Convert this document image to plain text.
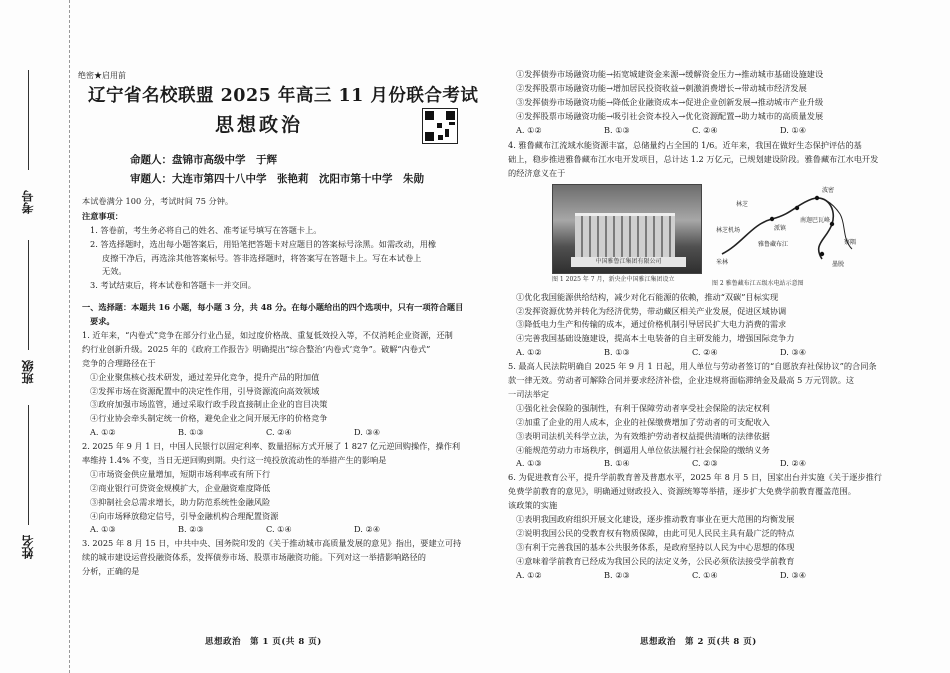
考号
班级
姓名
绝密★启用前
辽宁省名校联盟 2025 年高三 11 月份联合考试
思想政治
命题人：盘锦市高级中学　于辉
审题人：大连市第四十八中学　张艳莉　沈阳市第十中学　朱勋

本试卷满分 100 分，考试时间 75 分钟。

注意事项：

1. 答卷前，考生务必将自己的姓名、准考证号填写在答题卡上。

2. 答选择题时，选出每小题答案后，用铅笔把答题卡对应题目的答案标号涂黑。如需改动，用橡

皮擦干净后，再选涂其他答案标号。答非选择题时，将答案写在答题卡上。写在本试卷上

无效。

3. 考试结束后，将本试卷和答题卡一并交回。

一、选择题：本题共 16 小题，每小题 3 分，共 48 分。在每小题给出的四个选项中，只有一项符合题目

要求。

1. 近年来，“内卷式”竞争在部分行业凸显，如过度价格战、重复低效投入等，不仅消耗企业资源，还制

约行业创新升级。2025 年的《政府工作报告》明确提出“综合整治‘内卷式’竞争”。破解“内卷式”

竞争的合理路径在于

①企业聚焦核心技术研发，通过差异化竞争，提升产品的附加值

②发挥市场在资源配置中的决定性作用，引导资源流向高效领域

③政府加强市场监管，通过采取行政手段直接制止企业的盲目决策

④行业协会牵头制定统一价格，避免企业之间开展无序的价格竞争

A. ①②	B. ①③	C. ②④	D. ③④

2. 2025 年 9 月 1 日，中国人民银行以固定利率、数量招标方式开展了 1 827 亿元逆回购操作，操作利

率维持 1.4% 不变，当日无逆回购到期。央行这一纯投放流动性的举措产生的影响是

①市场资金供应量增加，短期市场利率或有所下行

②商业银行可贷资金规模扩大，企业融资难度降低

③抑制社会总需求增长，助力防范系统性金融风险

④向市场释放稳定信号，引导金融机构合理配置资源

A. ①③	B. ②③	C. ①④	D. ②④

3. 2025 年 8 月 15 日，中共中央、国务院印发的《关于推动城市高质量发展的意见》指出，要建立可持

续的城市建设运营投融资体系，发挥债券市场、股票市场融资功能。下列对这一举措影响路径的

分析，正确的是

①发挥债券市场融资功能→拓宽城建资金来源→缓解资金压力→推动城市基础设施建设

②发挥股票市场融资功能→增加居民投资收益→刺激消费增长→带动城市经济发展

③发挥债券市场融资功能→降低企业融资成本→促进企业创新发展→推动城市产业升级

④发挥股票市场融资功能→吸引社会资本投入→优化资源配置→助力城市的高质量发展

A. ①②	B. ①③	C. ②④	D. ①④

4. 雅鲁藏布江流域水能资源丰富，总储量约占全国的 1/6。近年来，我国在做好生态保护评估的基

础上，稳步推进雅鲁藏布江水电开发项目，总计达 1.2 万亿元，已规划建设阶段。雅鲁藏布江水电开发

的经济意义在于

中国雅鲁江集团有限公司
图 1 2025 年 7 月，新央企中国雅江集团设立
林芝
林芝机场	派镇
雅鲁藏布江
南迦巴瓦峰
墨脱
察隅
波密
米林
图 2 雅鲁藏布江五级水电站示意图

①优化我国能源供给结构，减少对化石能源的依赖，推动“双碳”目标实现

②发挥资源优势并转化为经济优势，带动藏区相关产业发展，促进区域协调

③降低电力生产和传输的成本，通过价格机制引导居民扩大电力消费的需求

④完善我国基础设施建设，提高本土电装备的自主研发能力，增强国际竞争力

A. ①②	B. ①③	C. ②④	D. ③④

5. 最高人民法院明确自 2025 年 9 月 1 日起，用人单位与劳动者签订的“自愿放弃社保协议”的合同条

款一律无效。劳动者可解除合同并要求经济补偿，企业违规将面临滞纳金及最高 5 万元罚款。这

一司法举定

①强化社会保险的强制性，有利于保障劳动者享受社会保险的法定权利

②加重了企业的用人成本，企业的社保缴费增加了劳动者的可支配收入

③表明司法机关科学立法，为有效维护劳动者权益提供清晰的法律依据

④能规范劳动力市场秩序，倒逼用人单位依法履行社会保险的缴纳义务

A. ①③	B. ①④	C. ②③	D. ②④

6. 为促进教育公平，提升学前教育普及普惠水平，2025 年 8 月 5 日，国家出台并实施《关于逐步推行

免费学前教育的意见》，明确通过财政投入、资源统筹等举措，逐步扩大免费学前教育覆盖范围。

该政策的实施

①表明我国政府组织开展文化建设，逐步推动教育事业在更大范围的均衡发展

②说明我国公民的受教育权有物质保障，由此可见人民民主具有最广泛的特点

③有利于完善我国的基本公共服务体系，是政府坚持以人民为中心思想的体现

④意味着学前教育已经成为我国公民的法定义务，公民必须依法接受学前教育

A. ①②	B. ②③	C. ①④	D. ③④

思想政治　第 1 页(共 8 页)	思想政治　第 2 页(共 8 页)
